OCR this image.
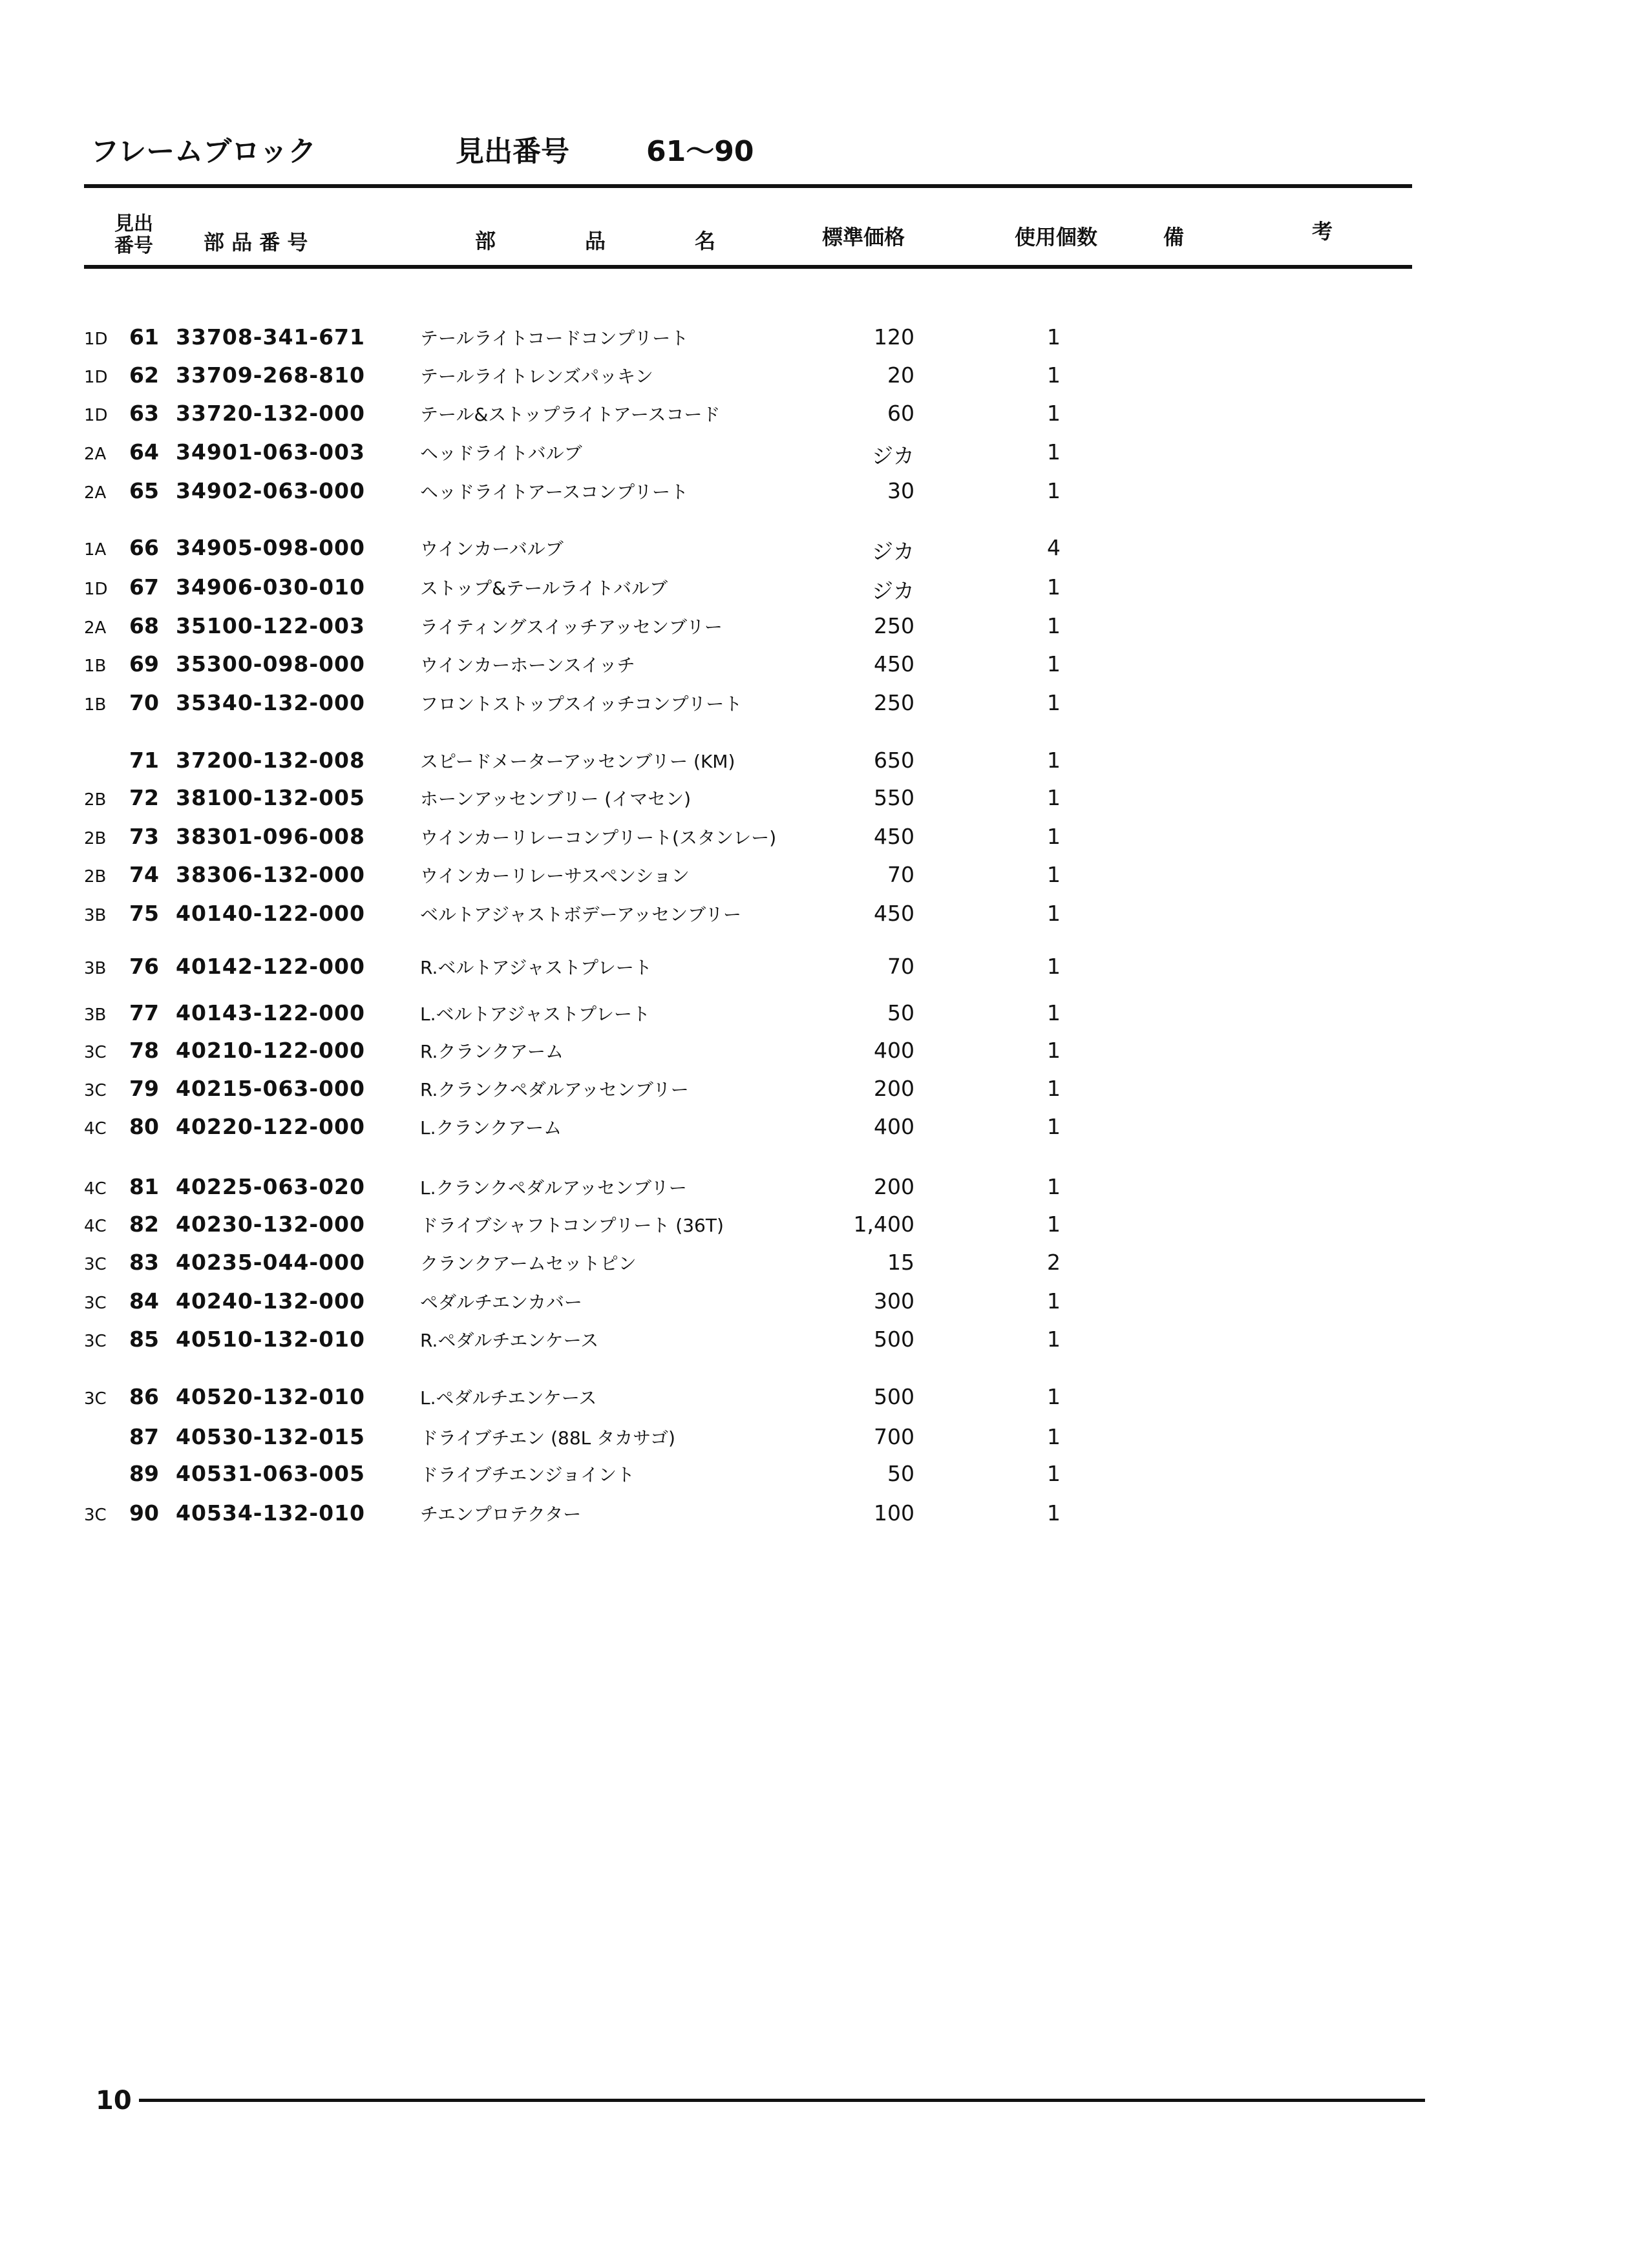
フレームブロック	見出番号	61〜90
見出
番号 部 品 番 号	部	品	名	標準価格	使用個数	備	考
1D 61 33708-341-671	テールライトコードコンプリート	120	1
1D 62 33709-268-810	テールライトレンズパッキン	20	1
1D 63 33720-132-000	テール&ストップライトアースコード	60	1
2A 64 34901-063-003	ヘッドライトバルブ	ジカ	1
2A 65 34902-063-000	ヘッドライトアースコンプリート	30	1
1A 66 34905-098-000	ウインカーバルブ	ジカ	4
1D 67 34906-030-010	ストップ&テールライトバルブ	ジカ	1
2A 68 35100-122-003	ライティングスイッチアッセンブリー	250	1
1B 69 35300-098-000	ウインカーホーンスイッチ	450	1
1B 70 35340-132-000	フロントストップスイッチコンプリート	250	1
71 37200-132-008	スピードメーターアッセンブリー (KM)	650	1
2B 72 38100-132-005	ホーンアッセンブリー (イマセン)	550	1
2B 73 38301-096-008	ウインカーリレーコンプリート(スタンレー)	450	1
2B 74 38306-132-000	ウインカーリレーサスペンション	70	1
3B 75 40140-122-000	ベルトアジャストボデーアッセンブリー	450	1
3B 76 40142-122-000	R.ベルトアジャストプレート	70	1
3B 77 40143-122-000	L.ベルトアジャストプレート	50	1
3C 78 40210-122-000	R.クランクアーム	400	1
3C 79 40215-063-000	R.クランクペダルアッセンブリー	200	1
4C 80 40220-122-000	L.クランクアーム	400	1
4C 81 40225-063-020	L.クランクペダルアッセンブリー	200	1
4C 82 40230-132-000	ドライブシャフトコンプリート (36T)	1,400	1
3C 83 40235-044-000	クランクアームセットピン	15	2
3C 84 40240-132-000	ペダルチエンカバー	300	1
3C 85 40510-132-010	R.ペダルチエンケース	500	1
3C 86 40520-132-010	L.ペダルチエンケース	500	1
87 40530-132-015	ドライブチエン (88L タカサゴ)	700	1
89 40531-063-005	ドライブチエンジョイント	50	1
3C 90 40534-132-010	チエンプロテクター	100	1
10
